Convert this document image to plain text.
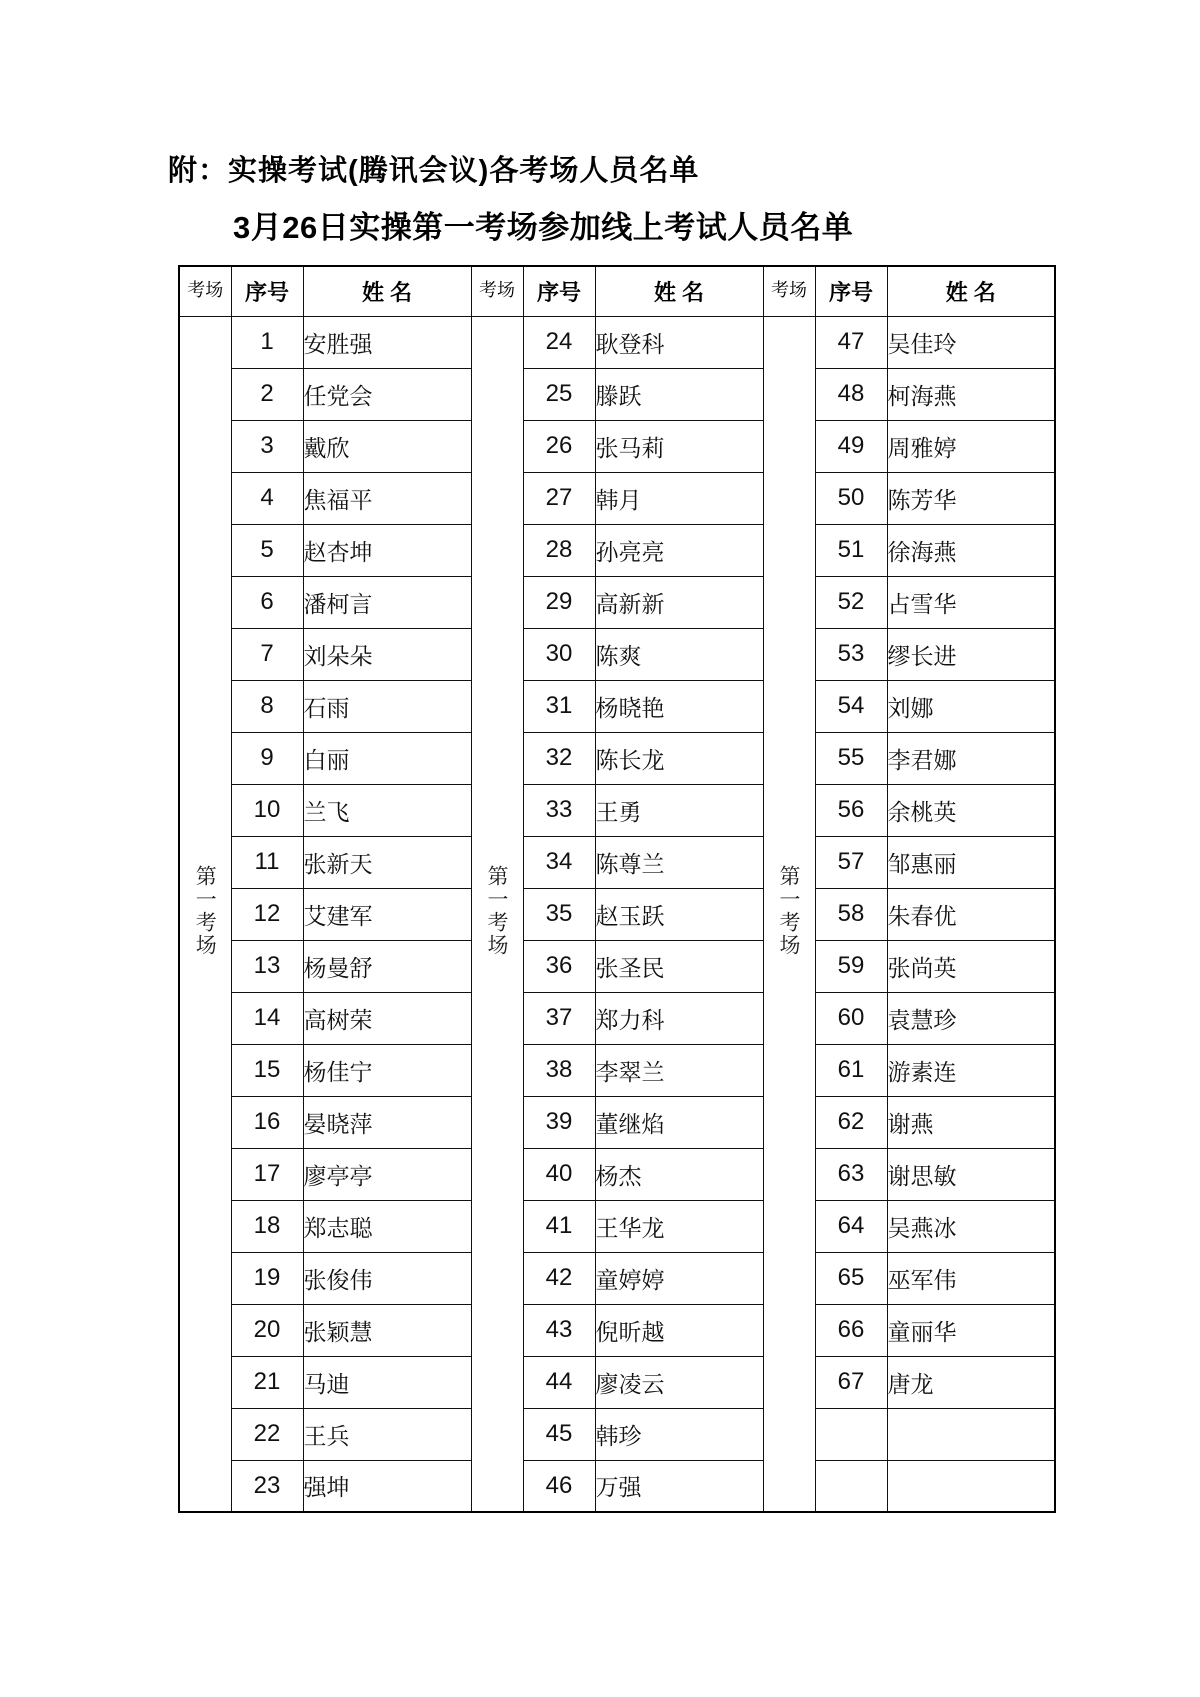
附：实操考试(腾讯会议)各考场人员名单
3月26日实操第一考场参加线上考试人员名单
考场	序号	姓 名	考场	序号	姓 名	考场	序号	姓 名
第一考场	1	安胜强	第一考场	24	耿登科	第一考场	47	吴佳玲
	2	任党会		25	滕跃		48	柯海燕
	3	戴欣		26	张马莉		49	周雅婷
	4	焦福平		27	韩月		50	陈芳华
	5	赵杏坤		28	孙亮亮		51	徐海燕
	6	潘柯言		29	高新新		52	占雪华
	7	刘朵朵		30	陈爽		53	缪长进
	8	石雨		31	杨晓艳		54	刘娜
	9	白丽		32	陈长龙		55	李君娜
	10	兰飞		33	王勇		56	余桃英
	11	张新天		34	陈尊兰		57	邹惠丽
	12	艾建军		35	赵玉跃		58	朱春优
	13	杨曼舒		36	张圣民		59	张尚英
	14	高树荣		37	郑力科		60	袁慧珍
	15	杨佳宁		38	李翠兰		61	游素连
	16	晏晓萍		39	董继焰		62	谢燕
	17	廖亭亭		40	杨杰		63	谢思敏
	18	郑志聪		41	王华龙		64	吴燕冰
	19	张俊伟		42	童婷婷		65	巫军伟
	20	张颖慧		43	倪昕越		66	童丽华
	21	马迪		44	廖凌云		67	唐龙
	22	王兵		45	韩珍			
	23	强坤		46	万强			
